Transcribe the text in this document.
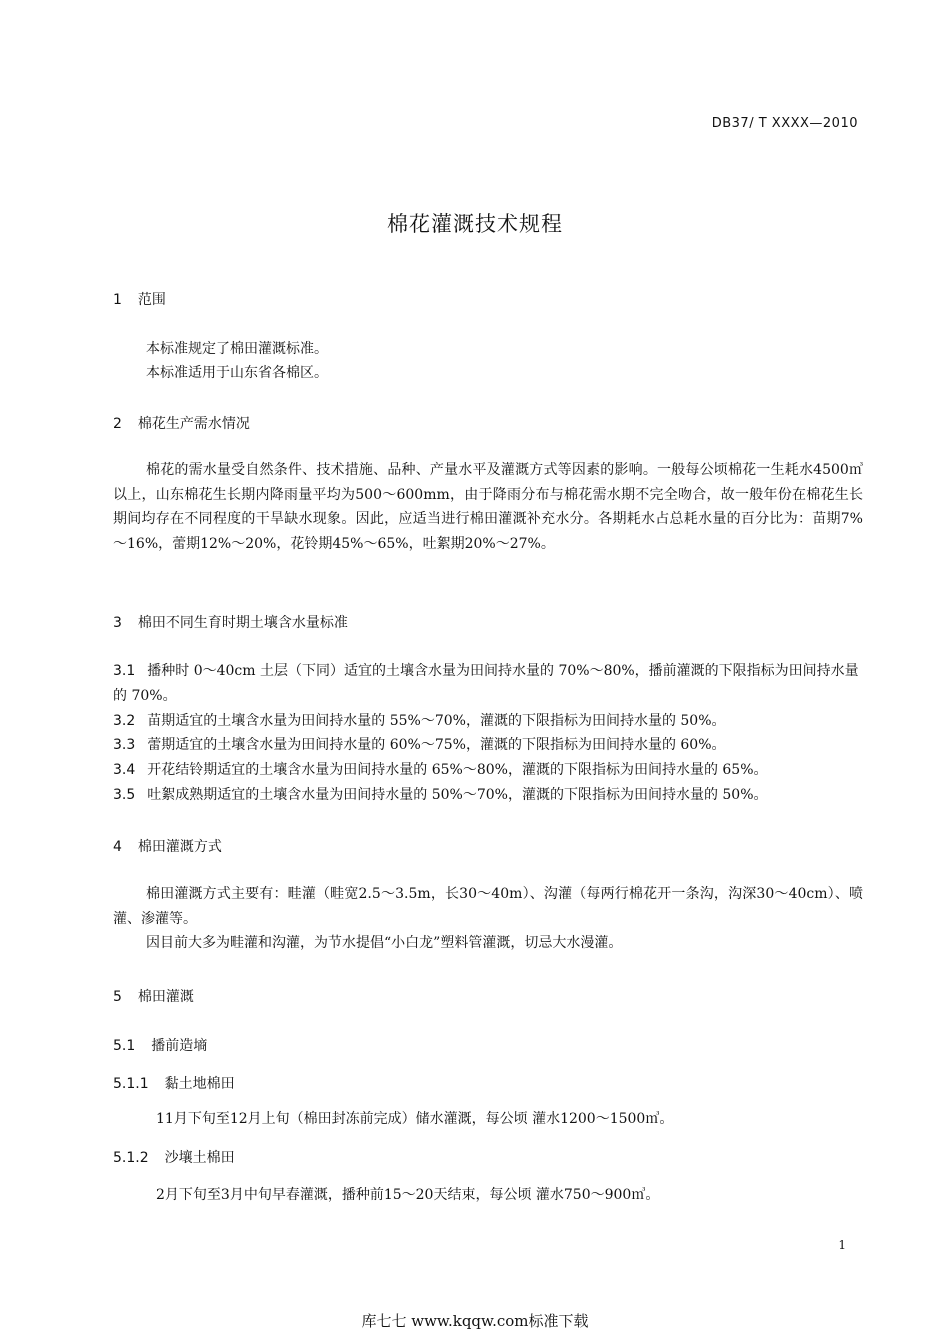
DB37/ T XXXX—2010
棉花灌溉技术规程
1 范围
本标准规定了棉田灌溉标准。
本标准适用于山东省各棉区。
2 棉花生产需水情况
棉花的需水量受自然条件、技术措施、品种、产量水平及灌溉方式等因素的影响。一般每公顷棉花一生耗水4500㎥ 以上，山东棉花生长期内降雨量平均为500～600mm，由于降雨分布与棉花需水期不完全吻合，故一般年份在棉花生长期间均存在不同程度的干旱缺水现象。因此，应适当进行棉田灌溉补充水分。各期耗水占总耗水量的百分比为：苗期7%～16%，蕾期12%～20%，花铃期45%～65%，吐絮期20%～27%。
3 棉田不同生育时期土壤含水量标准
3.1 播种时 0～40cm 土层（下同）适宜的土壤含水量为田间持水量的 70%～80%，播前灌溉的下限指标为田间持水量的 70%。
3.2 苗期适宜的土壤含水量为田间持水量的 55%～70%，灌溉的下限指标为田间持水量的 50%。
3.3 蕾期适宜的土壤含水量为田间持水量的 60%～75%，灌溉的下限指标为田间持水量的 60%。
3.4 开花结铃期适宜的土壤含水量为田间持水量的 65%～80%，灌溉的下限指标为田间持水量的 65%。
3.5 吐絮成熟期适宜的土壤含水量为田间持水量的 50%～70%，灌溉的下限指标为田间持水量的 50%。
4 棉田灌溉方式
棉田灌溉方式主要有：畦灌（畦宽2.5～3.5m，长30～40m）、沟灌（每两行棉花开一条沟，沟深30～40cm）、喷灌、渗灌等。
因目前大多为畦灌和沟灌，为节水提倡“小白龙”塑料管灌溉，切忌大水漫灌。
5 棉田灌溉
5.1 播前造墒
5.1.1 黏土地棉田
11月下旬至12月上旬（棉田封冻前完成）储水灌溉，每公顷 灌水1200～1500㎥。
5.1.2 沙壤土棉田
2月下旬至3月中旬早春灌溉，播种前15～20天结束，每公顷 灌水750～900㎥。
1
库七七 www.kqqw.com标准下载
